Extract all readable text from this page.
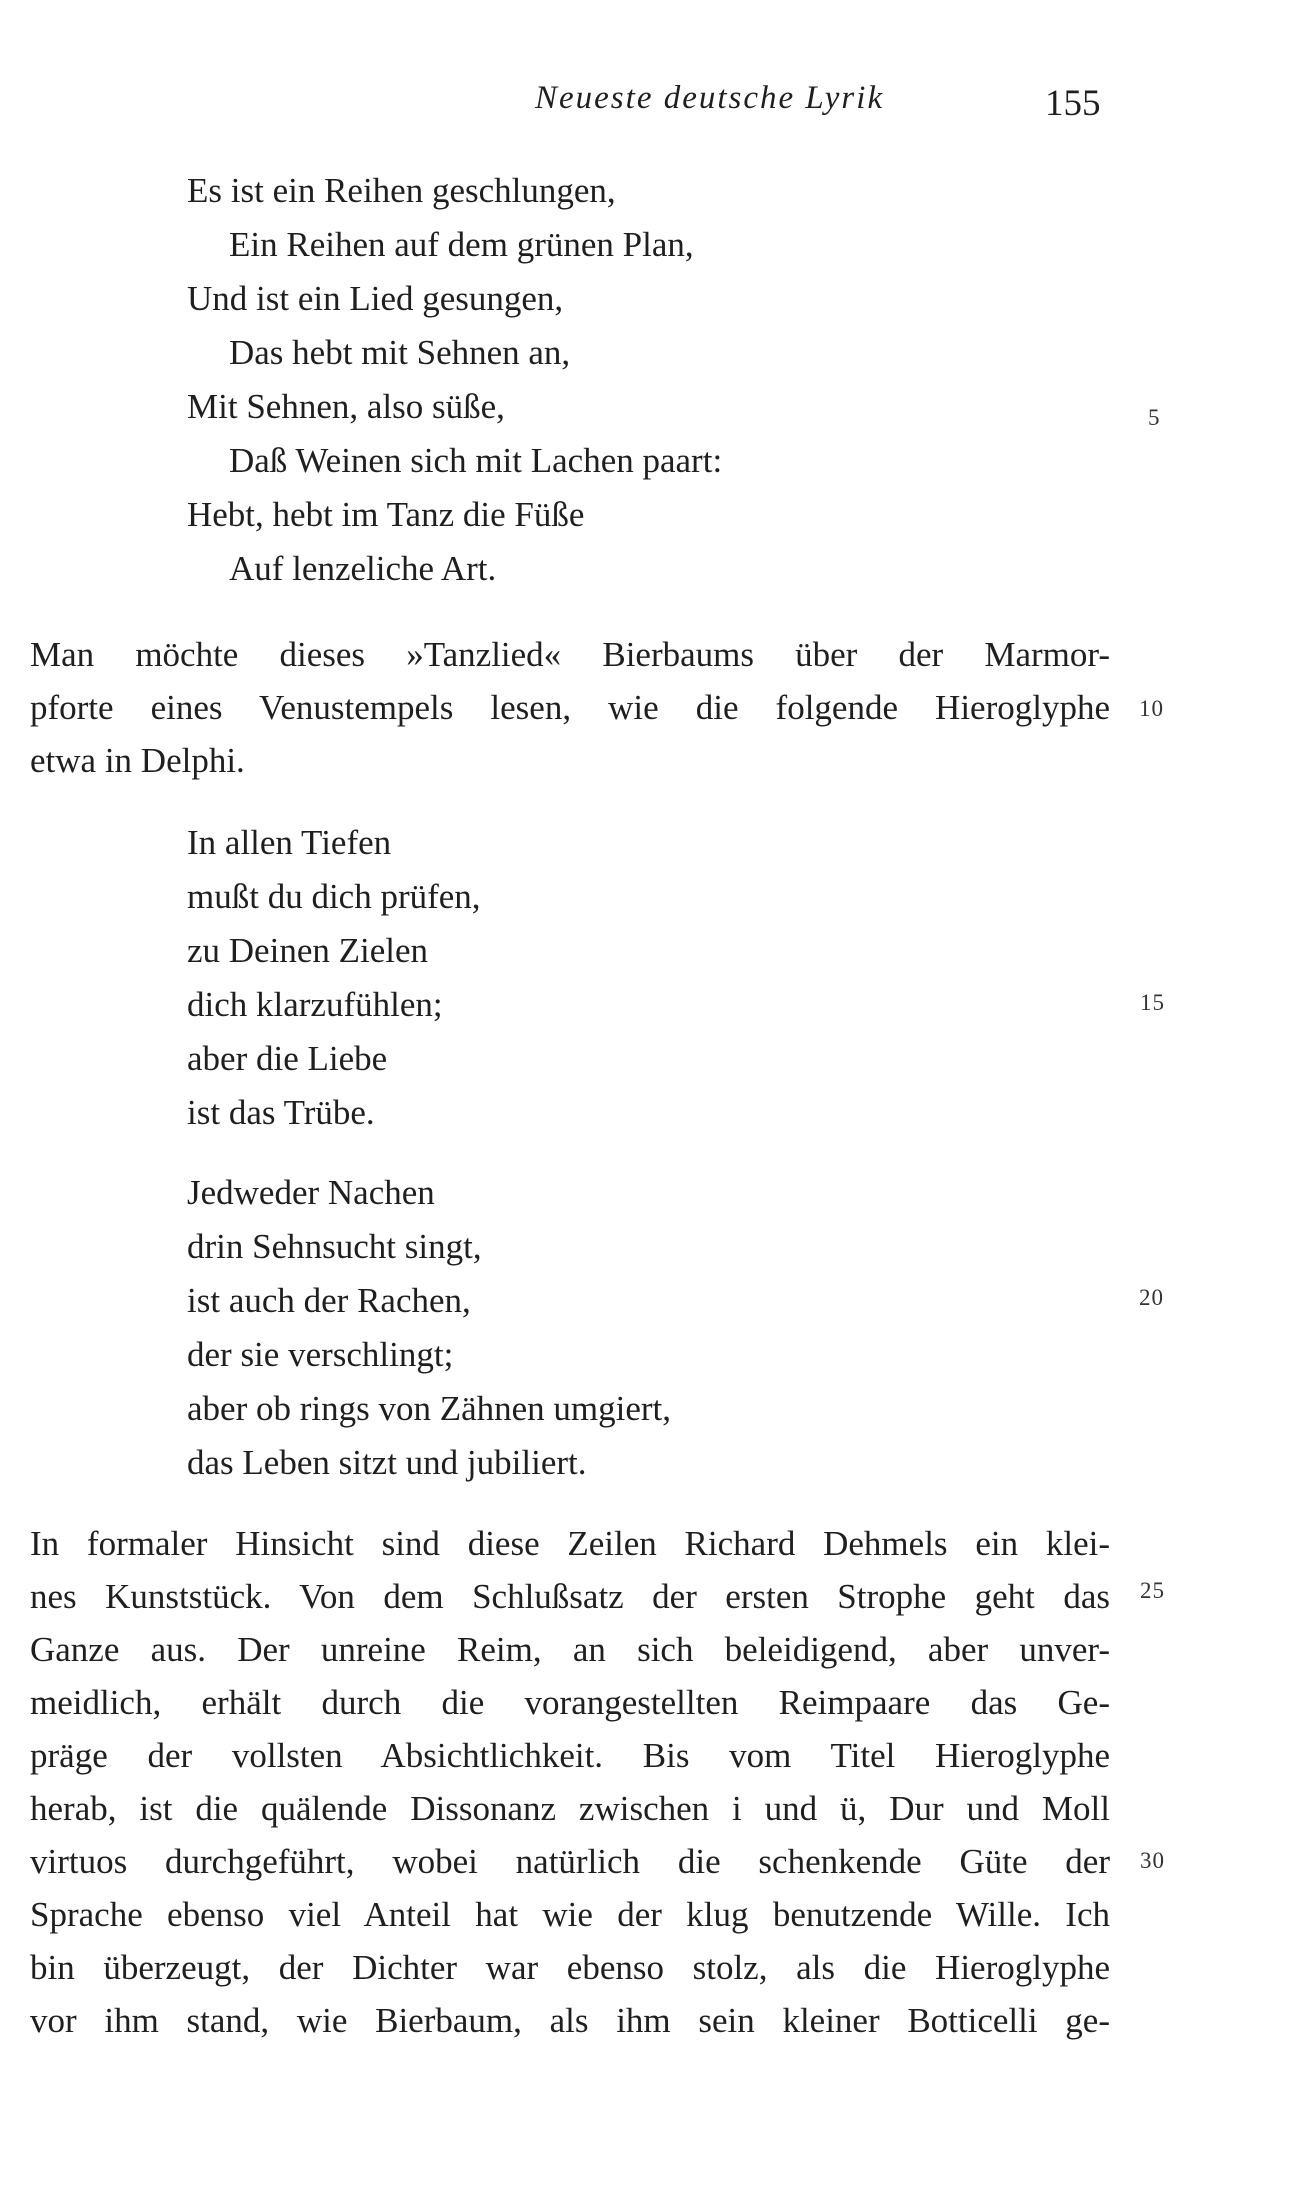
Neueste deutsche Lyrik	155
Es ist ein Reihen geschlungen,
Ein Reihen auf dem grünen Plan,
Und ist ein Lied gesungen,
Das hebt mit Sehnen an,
Mit Sehnen, also süße,
Daß Weinen sich mit Lachen paart:
Hebt, hebt im Tanz die Füße
Auf lenzeliche Art.
Man möchte dieses »Tanzlied« Bierbaums über der Marmor-
pforte eines Venustempels lesen, wie die folgende Hieroglyphe
etwa in Delphi.
In allen Tiefen
mußt du dich prüfen,
zu Deinen Zielen
dich klarzufühlen;
aber die Liebe
ist das Trübe.
Jedweder Nachen
drin Sehnsucht singt,
ist auch der Rachen,
der sie verschlingt;
aber ob rings von Zähnen umgiert,
das Leben sitzt und jubiliert.
In formaler Hinsicht sind diese Zeilen Richard Dehmels ein klei-
nes Kunststück. Von dem Schlußsatz der ersten Strophe geht das
Ganze aus. Der unreine Reim, an sich beleidigend, aber unver-
meidlich, erhält durch die vorangestellten Reimpaare das Ge-
präge der vollsten Absichtlichkeit. Bis vom Titel Hieroglyphe
herab, ist die quälende Dissonanz zwischen i und ü, Dur und Moll
virtuos durchgeführt, wobei natürlich die schenkende Güte der
Sprache ebenso viel Anteil hat wie der klug benutzende Wille. Ich
bin überzeugt, der Dichter war ebenso stolz, als die Hieroglyphe
vor ihm stand, wie Bierbaum, als ihm sein kleiner Botticelli ge-
5
10
15
20
25
30
